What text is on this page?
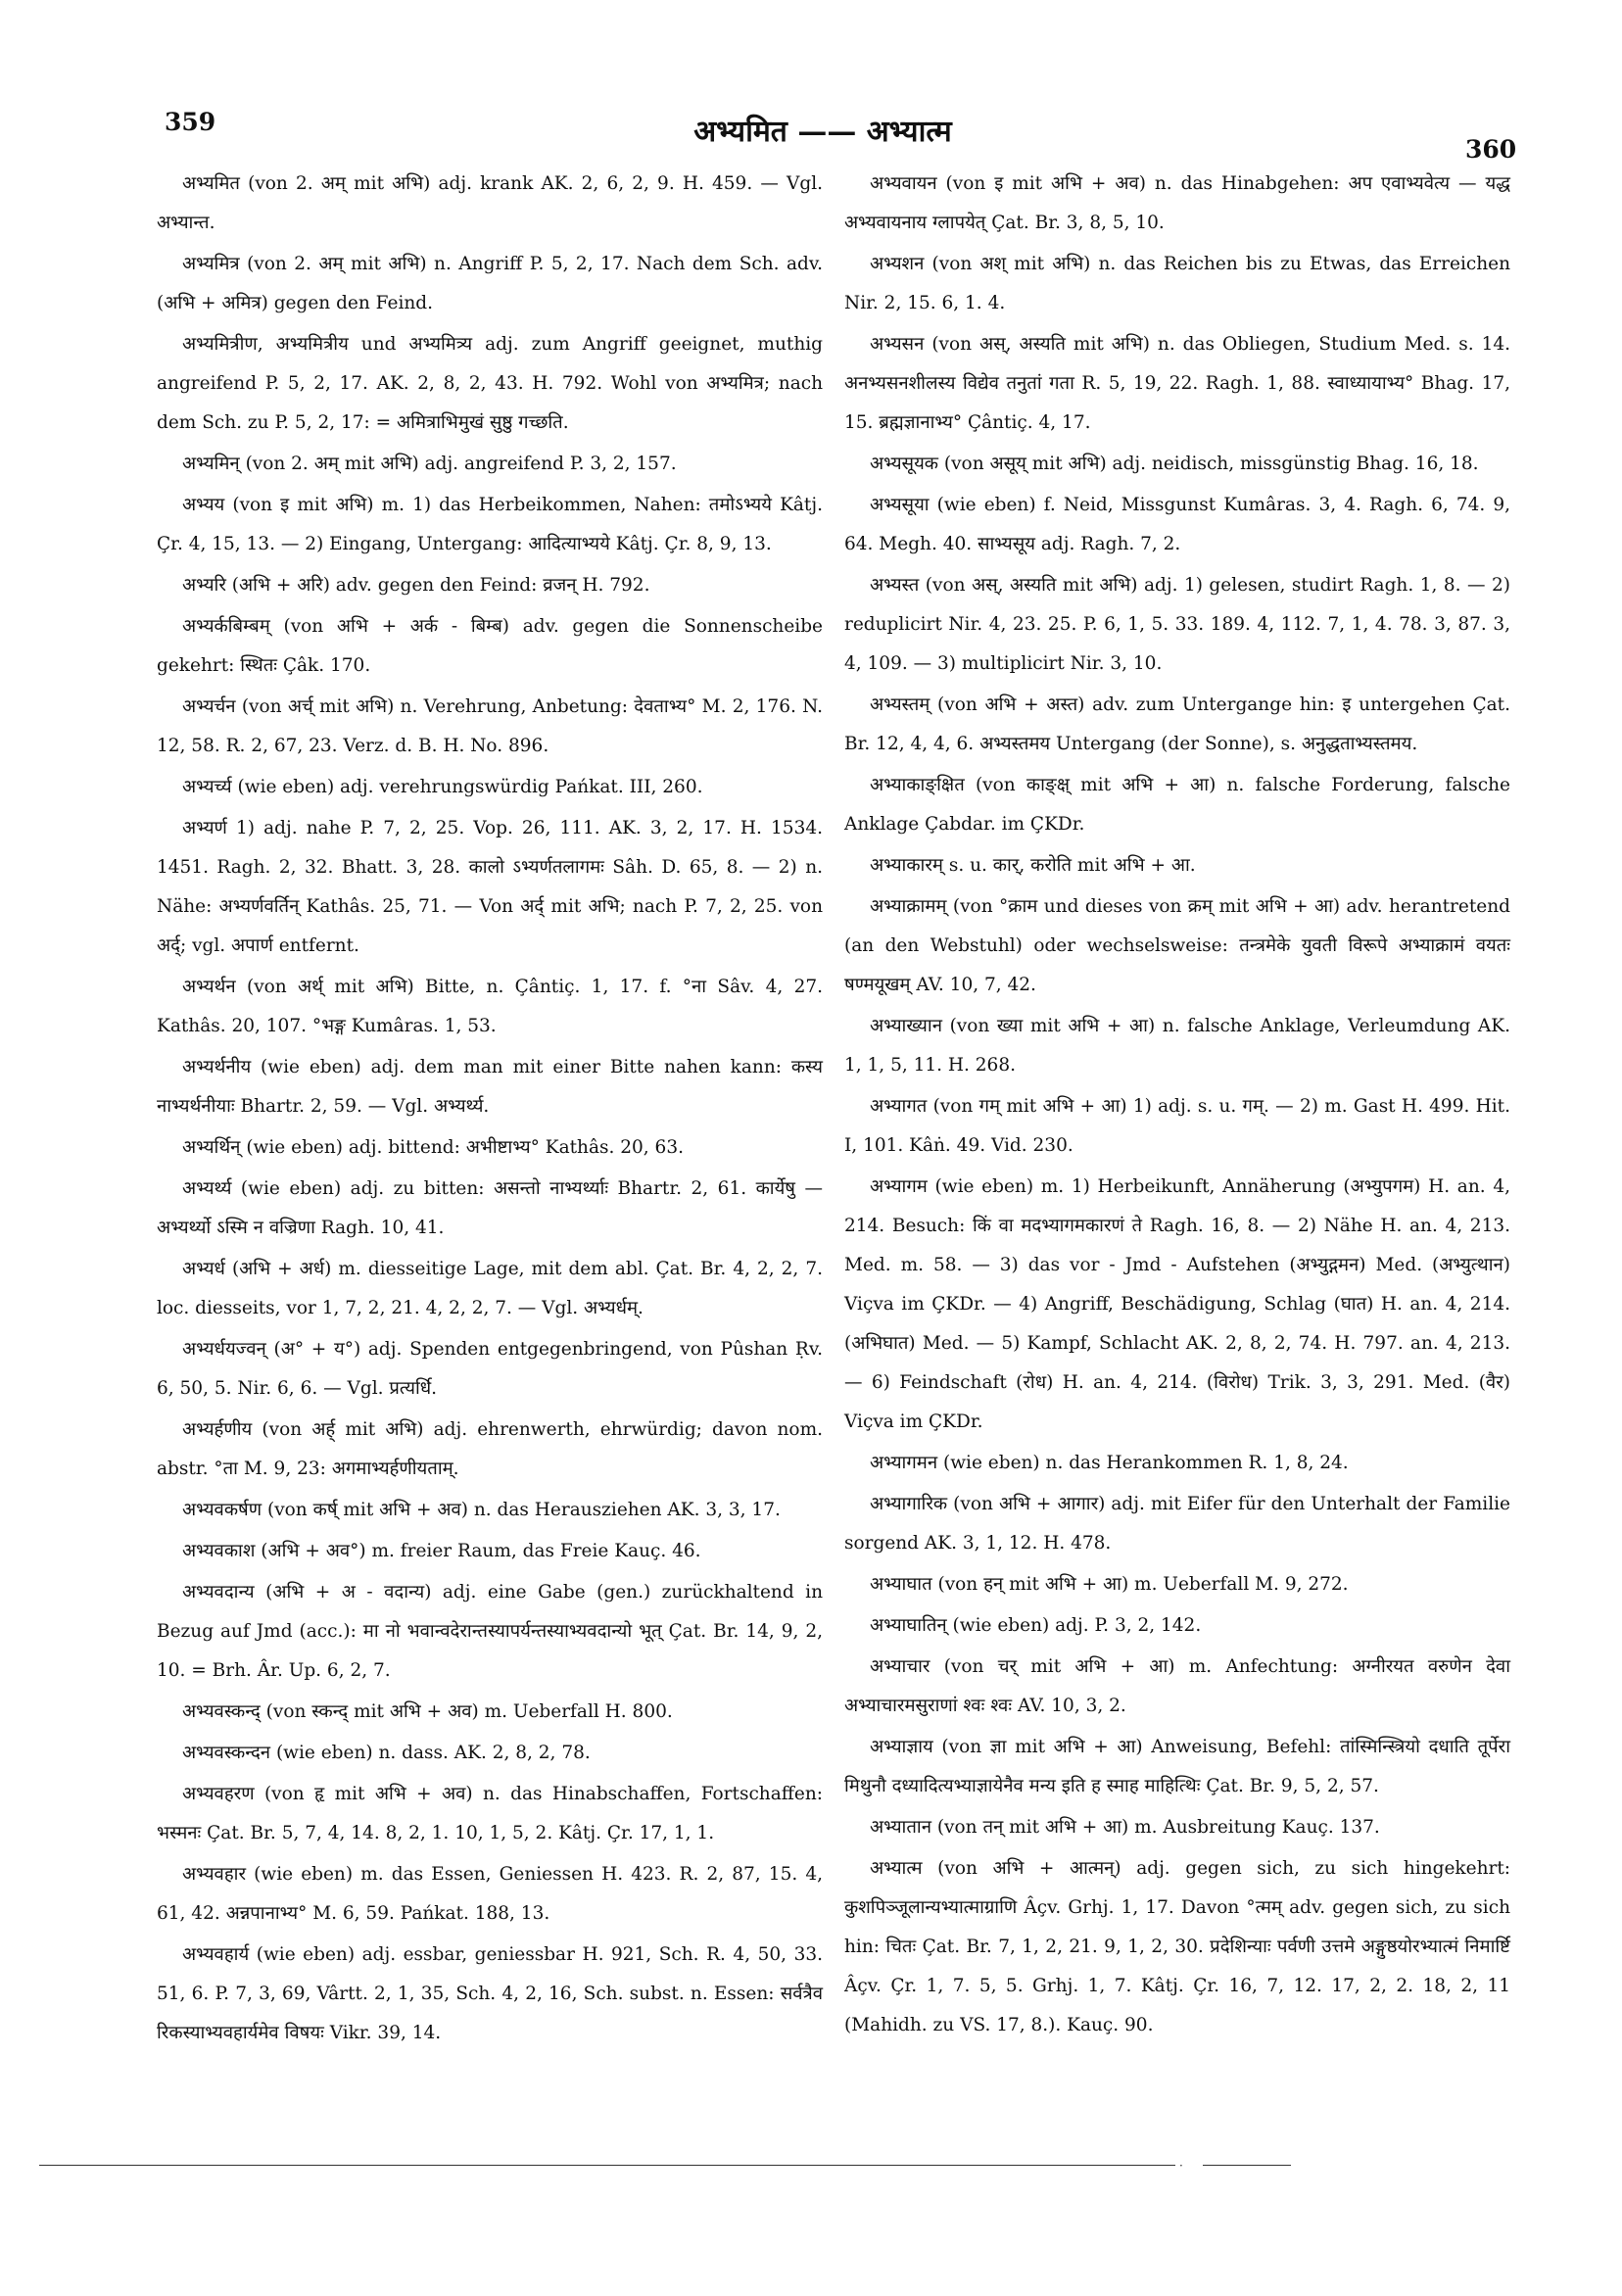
359	अभ्यमित —— अभ्यात्म
360

अभ्यमित (von 2. अम् mit अभि) adj. krank AK. 2, 6, 2, 9. H. 459. — Vgl. अभ्यान्त.

अभ्यमित्र (von 2. अम् mit अभि) n. Angriff P. 5, 2, 17. Nach dem Sch. adv. (अभि + अमित्र) gegen den Feind.

अभ्यमित्रीण, अभ्यमित्रीय und अभ्यमित्र्य adj. zum Angriff geeignet, muthig angreifend P. 5, 2, 17. AK. 2, 8, 2, 43. H. 792. Wohl von अभ्यमित्र; nach dem Sch. zu P. 5, 2, 17: = अमित्राभिमुखं सुष्ठु गच्छति.

अभ्यमिन् (von 2. अम् mit अभि) adj. angreifend P. 3, 2, 157.

अभ्यय (von इ mit अभि) m. 1) das Herbeikommen, Nahen: तमोऽभ्यये Kâtj. Çr. 4, 15, 13. — 2) Eingang, Untergang: आदित्याभ्यये Kâtj. Çr. 8, 9, 13.

अभ्यरि (अभि + अरि) adv. gegen den Feind: व्रजन् H. 792.

अभ्यर्कबिम्बम् (von अभि + अर्क - बिम्ब) adv. gegen die Sonnenscheibe gekehrt: स्थितः Çâk. 170.

अभ्यर्चन (von अर्च् mit अभि) n. Verehrung, Anbetung: देवताभ्य° M. 2, 176. N. 12, 58. R. 2, 67, 23. Verz. d. B. H. No. 896.

अभ्यर्च्य (wie eben) adj. verehrungswürdig Pańkat. III, 260.

अभ्यर्ण 1) adj. nahe P. 7, 2, 25. Vop. 26, 111. AK. 3, 2, 17. H. 1534. 1451. Ragh. 2, 32. Bhatt. 3, 28. कालो ऽभ्यर्णतलागमः Sâh. D. 65, 8. — 2) n. Nähe: अभ्यर्णवर्तिन् Kathâs. 25, 71. — Von अर्द् mit अभि; nach P. 7, 2, 25. von अर्द्; vgl. अपार्ण entfernt.

अभ्यर्थन (von अर्थ् mit अभि) Bitte, n. Çântiç. 1, 17. f. °ना Sâv. 4, 27. Kathâs. 20, 107. °भङ्ग Kumâras. 1, 53.

अभ्यर्थनीय (wie eben) adj. dem man mit einer Bitte nahen kann: कस्य नाभ्यर्थनीयाः Bhartr. 2, 59. — Vgl. अभ्यर्थ्य.

अभ्यर्थिन् (wie eben) adj. bittend: अभीष्टाभ्य° Kathâs. 20, 63.

अभ्यर्थ्य (wie eben) adj. zu bitten: असन्तो नाभ्यर्थ्याः Bhartr. 2, 61. कार्येषु — अभ्यर्थ्यो ऽस्मि न वज्रिणा Ragh. 10, 41.

अभ्यर्ध (अभि + अर्ध) m. diesseitige Lage, mit dem abl. Çat. Br. 4, 2, 2, 7. loc. diesseits, vor 1, 7, 2, 21. 4, 2, 2, 7. — Vgl. अभ्यर्धम्.

अभ्यर्धयज्वन् (अ° + य°) adj. Spenden entgegenbringend, von Pûshan Ṛv. 6, 50, 5. Nir. 6, 6. — Vgl. प्रत्यर्धि.

अभ्यर्हणीय (von अर्ह् mit अभि) adj. ehrenwerth, ehrwürdig; davon nom. abstr. °ता M. 9, 23: अगमाभ्यर्हणीयताम्.

अभ्यवकर्षण (von कर्ष् mit अभि + अव) n. das Herausziehen AK. 3, 3, 17.

अभ्यवकाश (अभि + अव°) m. freier Raum, das Freie Kauç. 46.

अभ्यवदान्य (अभि + अ - वदान्य) adj. eine Gabe (gen.) zurückhaltend in Bezug auf Jmd (acc.): मा नो भवान्वदेरान्तस्यापर्यन्तस्याभ्यवदान्यो भूत् Çat. Br. 14, 9, 2, 10. = Brh. Âr. Up. 6, 2, 7.

अभ्यवस्कन्द् (von स्कन्द् mit अभि + अव) m. Ueberfall H. 800.

अभ्यवस्कन्दन (wie eben) n. dass. AK. 2, 8, 2, 78.

अभ्यवहरण (von हृ mit अभि + अव) n. das Hinabschaffen, Fortschaffen: भस्मनः Çat. Br. 5, 7, 4, 14. 8, 2, 1. 10, 1, 5, 2. Kâtj. Çr. 17, 1, 1.

अभ्यवहार (wie eben) m. das Essen, Geniessen H. 423. R. 2, 87, 15. 4, 61, 42. अन्नपानाभ्य° M. 6, 59. Pańkat. 188, 13.

अभ्यवहार्य (wie eben) adj. essbar, geniessbar H. 921, Sch. R. 4, 50, 33. 51, 6. P. 7, 3, 69, Vârtt. 2, 1, 35, Sch. 4, 2, 16, Sch. subst. n. Essen: सर्वत्रैव रिकस्याभ्यवहार्यमेव विषयः Vikr. 39, 14.

अभ्यवायन (von इ mit अभि + अव) n. das Hinabgehen: अप एवाभ्यवेत्य — यद्ध अभ्यवायनाय ग्लापयेत् Çat. Br. 3, 8, 5, 10.

अभ्यशन (von अश् mit अभि) n. das Reichen bis zu Etwas, das Erreichen Nir. 2, 15. 6, 1. 4.

अभ्यसन (von अस्, अस्यति mit अभि) n. das Obliegen, Studium Med. s. 14. अनभ्यसनशीलस्य विद्येव तनुतां गता R. 5, 19, 22. Ragh. 1, 88. स्वाध्यायाभ्य° Bhag. 17, 15. ब्रह्मज्ञानाभ्य° Çântiç. 4, 17.

अभ्यसूयक (von असूय् mit अभि) adj. neidisch, missgünstig Bhag. 16, 18.

अभ्यसूया (wie eben) f. Neid, Missgunst Kumâras. 3, 4. Ragh. 6, 74. 9, 64. Megh. 40. साभ्यसूय adj. Ragh. 7, 2.

अभ्यस्त (von अस्, अस्यति mit अभि) adj. 1) gelesen, studirt Ragh. 1, 8. — 2) reduplicirt Nir. 4, 23. 25. P. 6, 1, 5. 33. 189. 4, 112. 7, 1, 4. 78. 3, 87. 3, 4, 109. — 3) multiplicirt Nir. 3, 10.

अभ्यस्तम् (von अभि + अस्त) adv. zum Untergange hin: इ untergehen Çat. Br. 12, 4, 4, 6. अभ्यस्तमय Untergang (der Sonne), s. अनुद्धताभ्यस्तमय.

अभ्याकाङ्क्षित (von काङ्क्ष् mit अभि + आ) n. falsche Forderung, falsche Anklage Çabdar. im ÇKDr.

अभ्याकारम् s. u. कार्, करोति mit अभि + आ.

अभ्याक्रामम् (von °क्राम und dieses von क्रम् mit अभि + आ) adv. herantretend (an den Webstuhl) oder wechselsweise: तन्त्रमेके युवती विरूपे अभ्याक्रामं वयतः षण्मयूखम् AV. 10, 7, 42.

अभ्याख्यान (von ख्या mit अभि + आ) n. falsche Anklage, Verleumdung AK. 1, 1, 5, 11. H. 268.

अभ्यागत (von गम् mit अभि + आ) 1) adj. s. u. गम्. — 2) m. Gast H. 499. Hit. I, 101. Kâṅ. 49. Vid. 230.

अभ्यागम (wie eben) m. 1) Herbeikunft, Annäherung (अभ्युपगम) H. an. 4, 214. Besuch: किं वा मदभ्यागमकारणं ते Ragh. 16, 8. — 2) Nähe H. an. 4, 213. Med. m. 58. — 3) das vor - Jmd - Aufstehen (अभ्युद्गमन) Med. (अभ्युत्थान) Viçva im ÇKDr. — 4) Angriff, Beschädigung, Schlag (घात) H. an. 4, 214. (अभिघात) Med. — 5) Kampf, Schlacht AK. 2, 8, 2, 74. H. 797. an. 4, 213. — 6) Feindschaft (रोध) H. an. 4, 214. (विरोध) Trik. 3, 3, 291. Med. (वैर) Viçva im ÇKDr.

अभ्यागमन (wie eben) n. das Herankommen R. 1, 8, 24.

अभ्यागारिक (von अभि + आगार) adj. mit Eifer für den Unterhalt der Familie sorgend AK. 3, 1, 12. H. 478.

अभ्याघात (von हन् mit अभि + आ) m. Ueberfall M. 9, 272.

अभ्याघातिन् (wie eben) adj. P. 3, 2, 142.

अभ्याचार (von चर् mit अभि + आ) m. Anfechtung: अग्नीरयत वरुणेन देवा अभ्याचारमसुराणां श्वः श्वः AV. 10, 3, 2.

अभ्याज्ञाय (von ज्ञा mit अभि + आ) Anweisung, Befehl: तांस्मिन्स्त्रियो दधाति तूर्पेरा मिथुनौ दध्यादित्यभ्याज्ञायेनैव मन्य इति ह स्माह माहित्थिः Çat. Br. 9, 5, 2, 57.

अभ्यातान (von तन् mit अभि + आ) m. Ausbreitung Kauç. 137.

अभ्यात्म (von अभि + आत्मन्) adj. gegen sich, zu sich hingekehrt: कुशपिञ्जूलान्यभ्यात्माग्राणि Âçv. Grhj. 1, 17. Davon °त्मम् adv. gegen sich, zu sich hin: चितः Çat. Br. 7, 1, 2, 21. 9, 1, 2, 30. प्रदेशिन्याः पर्वणी उत्तमे अङ्गुष्ठयोरभ्यात्मं निमार्ष्टि Âçv. Çr. 1, 7. 5, 5. Grhj. 1, 7. Kâtj. Çr. 16, 7, 12. 17, 2, 2. 18, 2, 11 (Mahidh. zu VS. 17, 8.). Kauç. 90.

·
